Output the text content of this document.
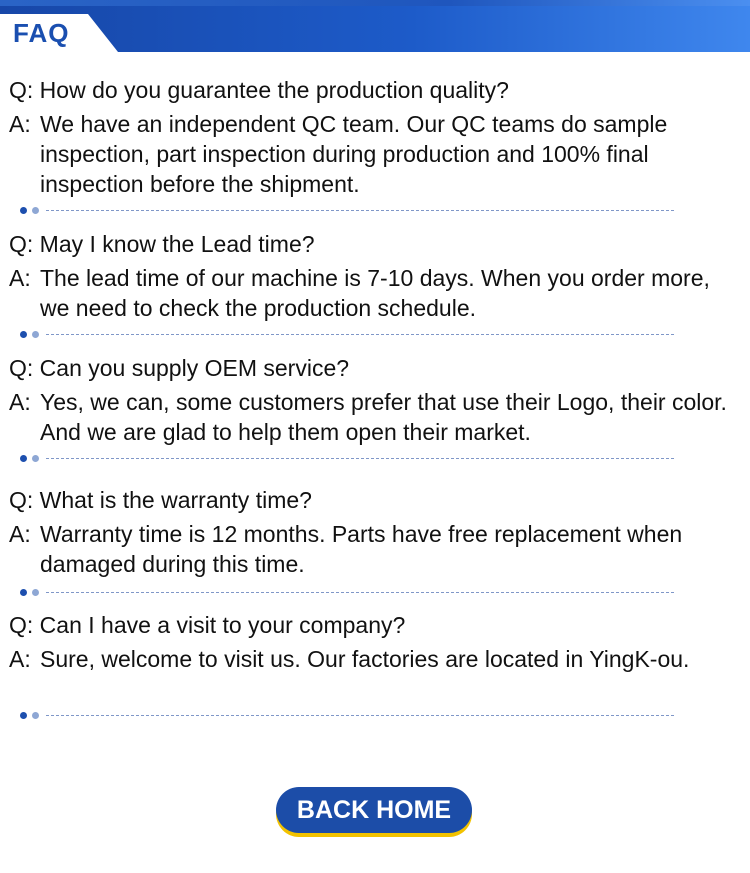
FAQ
Q: How do you guarantee the production quality?
A: We have an independent QC team. Our QC teams do sample inspection, part inspection during production and 100% final inspection before the shipment.
Q: May I know the Lead time?
A: The lead time of our machine is 7-10 days. When you order more, we need to check the production schedule.
Q: Can you supply OEM service?
A: Yes, we can, some customers prefer that use their Logo, their color. And we are glad to help them open their market.
Q: What is the warranty time?
A: Warranty time is 12 months. Parts have free replacement when damaged during this time.
Q: Can I have a visit to your company?
A: Sure, welcome to visit us. Our factories are located in YingK-ou.
BACK HOME
